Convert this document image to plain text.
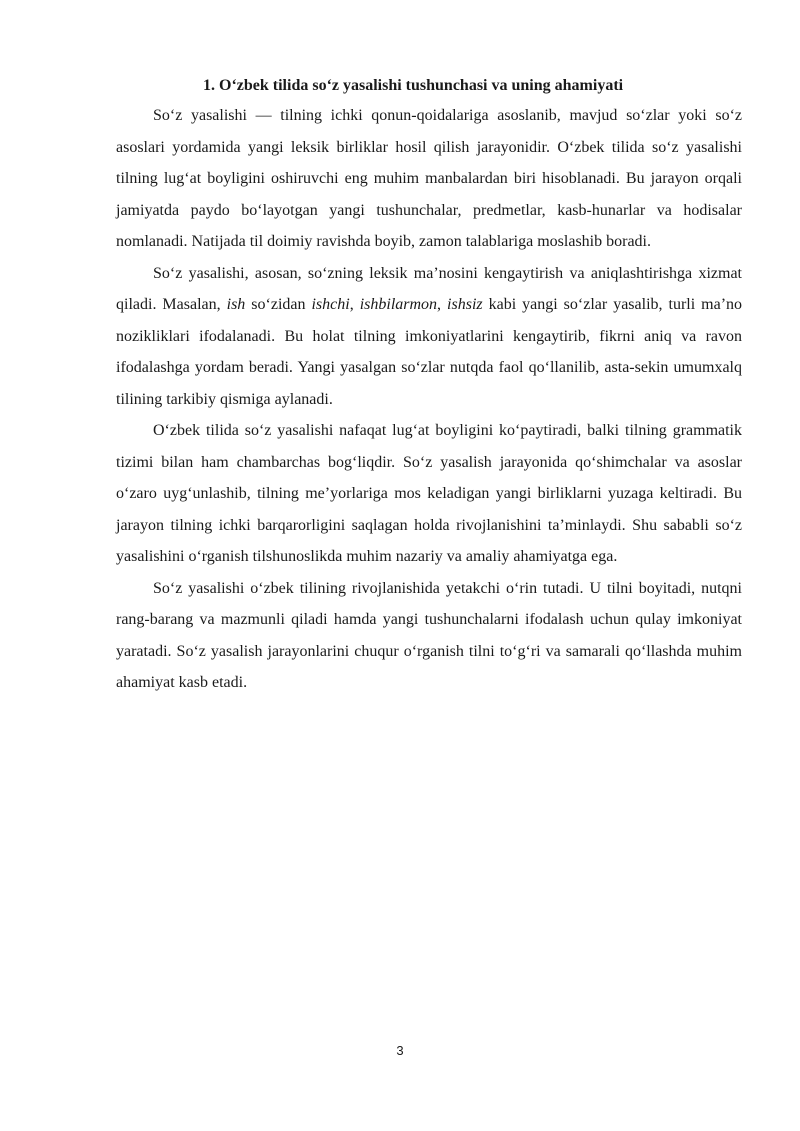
1. Oʻzbek tilida soʻz yasalishi tushunchasi va uning ahamiyati

Soʻz yasalishi — tilning ichki qonun-qoidalariga asoslanib, mavjud soʻzlar yoki soʻz asoslari yordamida yangi leksik birliklar hosil qilish jarayonidir. Oʻzbek tilida soʻz yasalishi tilning lugʻat boyligini oshiruvchi eng muhim manbalardan biri hisoblanadi. Bu jarayon orqali jamiyatda paydo boʻlayotgan yangi tushunchalar, predmetlar, kasb-hunarlar va hodisalar nomlanadi. Natijada til doimiy ravishda boyib, zamon talablariga moslashib boradi.

Soʻz yasalishi, asosan, soʻzning leksik ma’nosini kengaytirish va aniqlashtirishga xizmat qiladi. Masalan, ish soʻzidan ishchi, ishbilarmon, ishsiz kabi yangi soʻzlar yasalib, turli ma’no nozikliklari ifodalanadi. Bu holat tilning imkoniyatlarini kengaytirib, fikrni aniq va ravon ifodalashga yordam beradi. Yangi yasalgan soʻzlar nutqda faol qoʻllanilib, asta-sekin umumxalq tilining tarkibiy qismiga aylanadi.

Oʻzbek tilida soʻz yasalishi nafaqat lugʻat boyligini koʻpaytiradi, balki tilning grammatik tizimi bilan ham chambarchas bogʻliqdir. Soʻz yasalish jarayonida qoʻshimchalar va asoslar oʻzaro uygʻunlashib, tilning me’yorlariga mos keladigan yangi birliklarni yuzaga keltiradi. Bu jarayon tilning ichki barqarorligini saqlagan holda rivojlanishini ta’minlaydi. Shu sababli soʻz yasalishini oʻrganish tilshunoslikda muhim nazariy va amaliy ahamiyatga ega.

Soʻz yasalishi oʻzbek tilining rivojlanishida yetakchi oʻrin tutadi. U tilni boyitadi, nutqni rang-barang va mazmunli qiladi hamda yangi tushunchalarni ifodalash uchun qulay imkoniyat yaratadi. Soʻz yasalish jarayonlarini chuqur oʻrganish tilni toʻgʻri va samarali qoʻllashda muhim ahamiyat kasb etadi.

3
